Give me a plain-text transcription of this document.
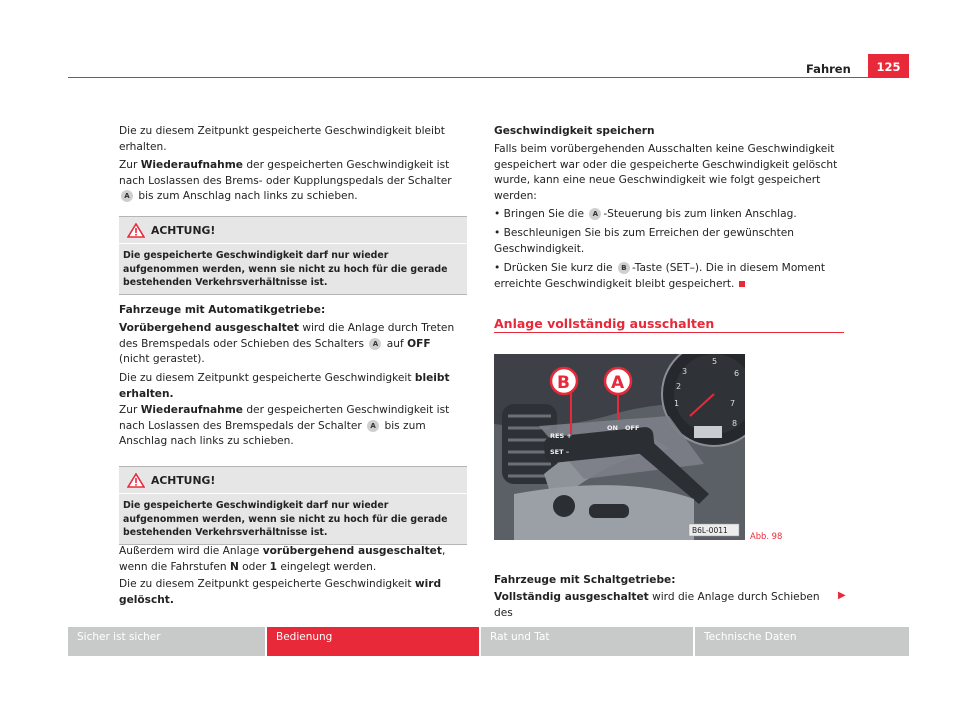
Fahren	125
Die zu diesem Zeitpunkt gespeicherte Geschwindigkeit bleibt erhalten.
Zur Wiederaufnahme der gespeicherten Geschwindigkeit ist nach Loslassen des Brems- oder Kupplungspedals der Schalter A bis zum Anschlag nach links zu schieben.
ACHTUNG!
Die gespeicherte Geschwindigkeit darf nur wieder aufgenommen werden, wenn sie nicht zu hoch für die gerade bestehenden Verkehrsverhältnisse ist.
Fahrzeuge mit Automatikgetriebe:
Vorübergehend ausgeschaltet wird die Anlage durch Treten des Bremspedals oder Schieben des Schalters A auf OFF (nicht gerastet).
Die zu diesem Zeitpunkt gespeicherte Geschwindigkeit bleibt erhalten.
Zur Wiederaufnahme der gespeicherten Geschwindigkeit ist nach Loslassen des Bremspedals der Schalter A bis zum Anschlag nach links zu schieben.
ACHTUNG!
Die gespeicherte Geschwindigkeit darf nur wieder aufgenommen werden, wenn sie nicht zu hoch für die gerade bestehenden Verkehrsverhältnisse ist.
Außerdem wird die Anlage vorübergehend ausgeschaltet, wenn die Fahrstufen N oder 1 eingelegt werden.
Die zu diesem Zeitpunkt gespeicherte Geschwindigkeit wird gelöscht.
Geschwindigkeit speichern
Falls beim vorübergehenden Ausschalten keine Geschwindigkeit gespeichert war oder die gespeicherte Geschwindigkeit gelöscht wurde, kann eine neue Geschwindigkeit wie folgt gespeichert werden:
• Bringen Sie die A -Steuerung bis zum linken Anschlag.
• Beschleunigen Sie bis zum Erreichen der gewünschten Geschwindigkeit.
• Drücken Sie kurz die B -Taste (SET–). Die in diesem Moment erreichte Geschwindigkeit bleibt gespeichert.
Anlage vollständig ausschalten
2
3
5
6
1	7
8
ON OFF
RES +
SET –
B A
B6L-0011
Abb. 98
Fahrzeuge mit Schaltgetriebe:
Vollständig ausgeschaltet wird die Anlage durch Schieben des
▶
Sicher ist sicher	Bedienung	Rat und Tat	Technische Daten
